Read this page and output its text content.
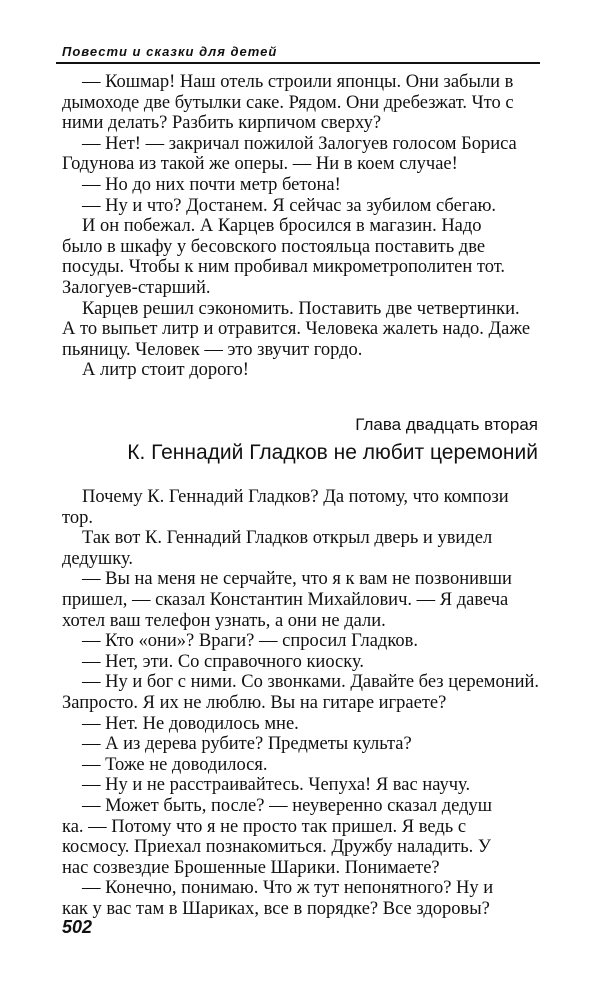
Повести и сказки для детей
— Кошмар! Наш отель строили японцы. Они забыли в
дымоходе две бутылки саке. Рядом. Они дребезжат. Что с
ними делать? Разбить кирпичом сверху?
— Нет! — закричал пожилой Залогуев голосом Бориса
Годунова из такой же оперы. — Ни в коем случае!
— Но до них почти метр бетона!
— Ну и что? Достанем. Я сейчас за зубилом сбегаю.
И он побежал. А Карцев бросился в магазин. Надо
было в шкафу у бесовского постояльца поставить две
посуды. Чтобы к ним пробивал микрометрополитен тот.
Залогуев-старший.
Карцев решил сэкономить. Поставить две четвертинки.
А то выпьет литр и отравится. Человека жалеть надо. Даже
пьяницу. Человек — это звучит гордо.
А литр стоит дорого!
Глава двадцать вторая
К. Геннадий Гладков не любит церемоний
Почему К. Геннадий Гладков? Да потому, что компози
тор.
Так вот К. Геннадий Гладков открыл дверь и увидел
дедушку.
— Вы на меня не серчайте, что я к вам не позвонивши
пришел, — сказал Константин Михайлович. — Я давеча
хотел ваш телефон узнать, а они не дали.
— Кто «они»? Враги? — спросил Гладков.
— Нет, эти. Со справочного киоску.
— Ну и бог с ними. Со звонками. Давайте без церемоний.
Запросто. Я их не люблю. Вы на гитаре играете?
— Нет. Не доводилось мне.
— А из дерева рубите? Предметы культа?
— Тоже не доводилося.
— Ну и не расстраивайтесь. Чепуха! Я вас научу.
— Может быть, после? — неуверенно сказал дедуш
ка. — Потому что я не просто так пришел. Я ведь с
космосу. Приехал познакомиться. Дружбу наладить. У
нас созвездие Брошенные Шарики. Понимаете?
— Конечно, понимаю. Что ж тут непонятного? Ну и
как у вас там в Шариках, все в порядке? Все здоровы?
502
